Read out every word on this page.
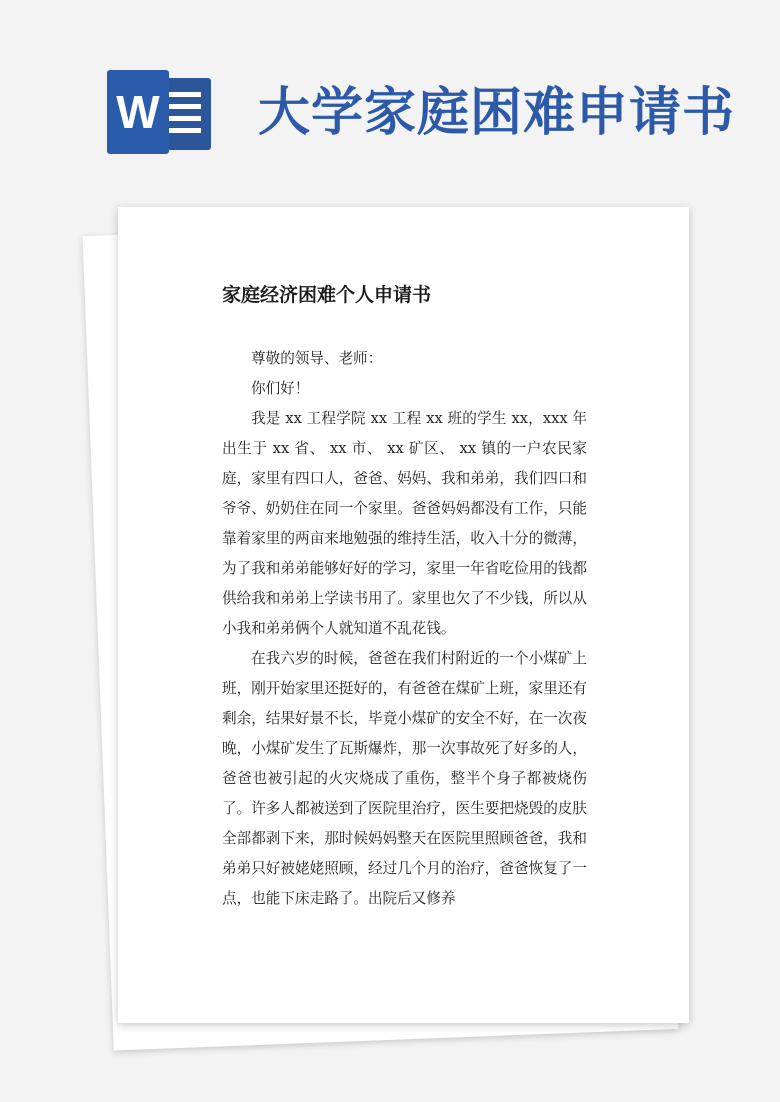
W 大学家庭困难申请书
家庭经济困难个人申请书

尊敬的领导、老师：

你们好！

我是 xx 工程学院 xx 工程 xx 班的学生 xx，xxx 年出生于 xx 省、 xx 市、 xx 矿区、 xx 镇的一户农民家庭，家里有四口人，爸爸、妈妈、我和弟弟，我们四口和爷爷、奶奶住在同一个家里。爸爸妈妈都没有工作，只能靠着家里的两亩来地勉强的维持生活，收入十分的微薄，为了我和弟弟能够好好的学习，家里一年省吃俭用的钱都供给我和弟弟上学读书用了。家里也欠了不少钱，所以从小我和弟弟俩个人就知道不乱花钱。

在我六岁的时候，爸爸在我们村附近的一个小煤矿上班，刚开始家里还挺好的，有爸爸在煤矿上班，家里还有剩余，结果好景不长，毕竟小煤矿的安全不好，在一次夜晚，小煤矿发生了瓦斯爆炸，那一次事故死了好多的人，爸爸也被引起的火灾烧成了重伤，整半个身子都被烧伤了。许多人都被送到了医院里治疗，医生要把烧毁的皮肤全部都剥下来，那时候妈妈整天在医院里照顾爸爸，我和弟弟只好被姥姥照顾，经过几个月的治疗，爸爸恢复了一点，也能下床走路了。出院后又修养
